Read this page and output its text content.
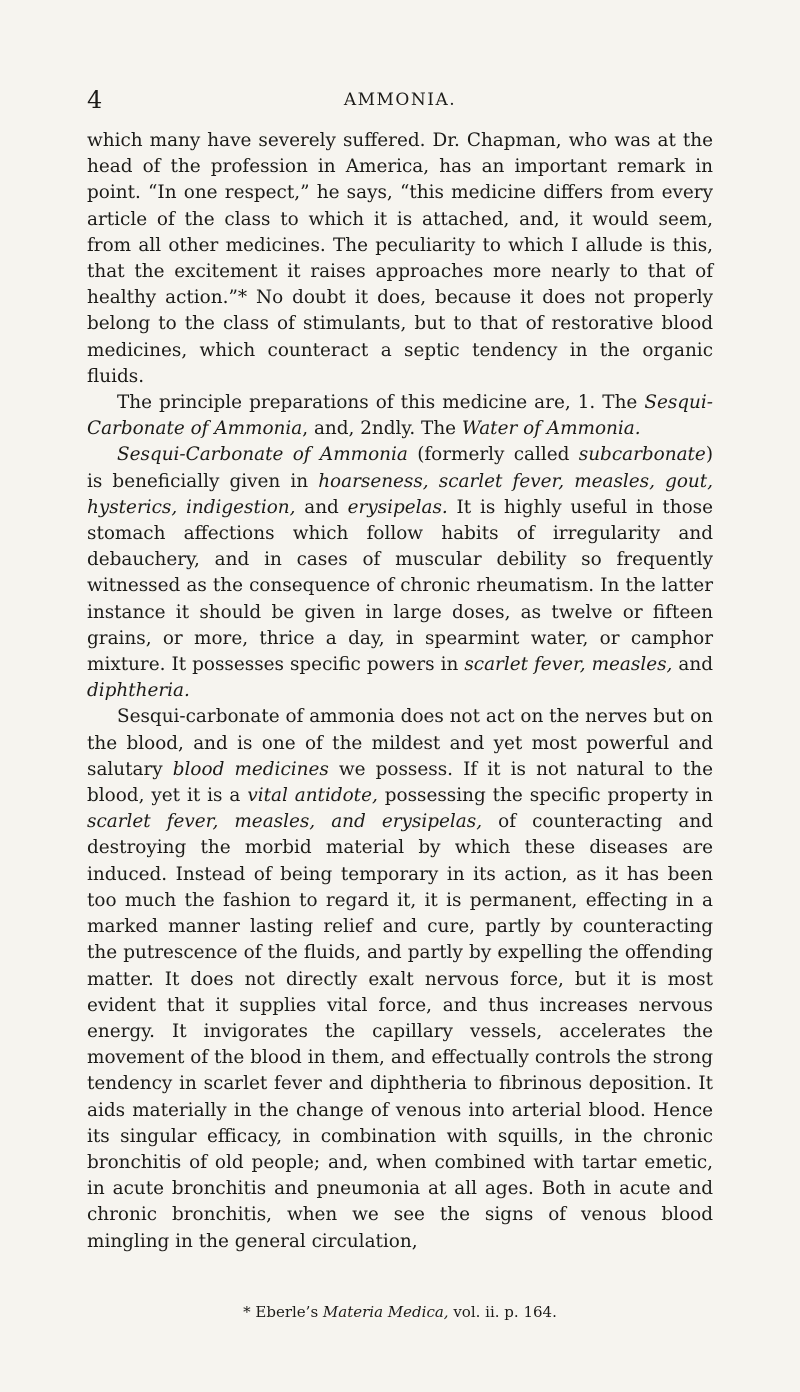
4	AMMONIA.

which many have severely suffered. Dr. Chapman, who was at the head of the profession in America, has an important remark in point. “In one respect,” he says, “this medicine differs from every article of the class to which it is attached, and, it would seem, from all other medicines. The peculiarity to which I allude is this, that the excitement it raises approaches more nearly to that of healthy action.”* No doubt it does, because it does not properly belong to the class of stimulants, but to that of restorative blood medicines, which counteract a septic tendency in the organic fluids.

The principle preparations of this medicine are, 1. The Sesqui-Carbonate of Ammonia, and, 2ndly. The Water of Ammonia.

Sesqui-Carbonate of Ammonia (formerly called subcarbonate) is beneficially given in hoarseness, scarlet fever, measles, gout, hysterics, indigestion, and erysipelas. It is highly useful in those stomach affections which follow habits of irregularity and debauchery, and in cases of muscular debility so frequently witnessed as the consequence of chronic rheumatism. In the latter instance it should be given in large doses, as twelve or fifteen grains, or more, thrice a day, in spearmint water, or camphor mixture. It possesses specific powers in scarlet fever, measles, and diphtheria.

Sesqui-carbonate of ammonia does not act on the nerves but on the blood, and is one of the mildest and yet most powerful and salutary blood medicines we possess. If it is not natural to the blood, yet it is a vital antidote, possessing the specific property in scarlet fever, measles, and erysipelas, of counteracting and destroying the morbid material by which these diseases are induced. Instead of being temporary in its action, as it has been too much the fashion to regard it, it is permanent, effecting in a marked manner lasting relief and cure, partly by counteracting the putrescence of the fluids, and partly by expelling the offending matter. It does not directly exalt nervous force, but it is most evident that it supplies vital force, and thus increases nervous energy. It invigorates the capillary vessels, accelerates the movement of the blood in them, and effectually controls the strong tendency in scarlet fever and diphtheria to fibrinous deposition. It aids materially in the change of venous into arterial blood. Hence its singular efficacy, in combination with squills, in the chronic bronchitis of old people; and, when combined with tartar emetic, in acute bronchitis and pneumonia at all ages. Both in acute and chronic bronchitis, when we see the signs of venous blood mingling in the general circulation,

* Eberle’s Materia Medica, vol. ii. p. 164.
